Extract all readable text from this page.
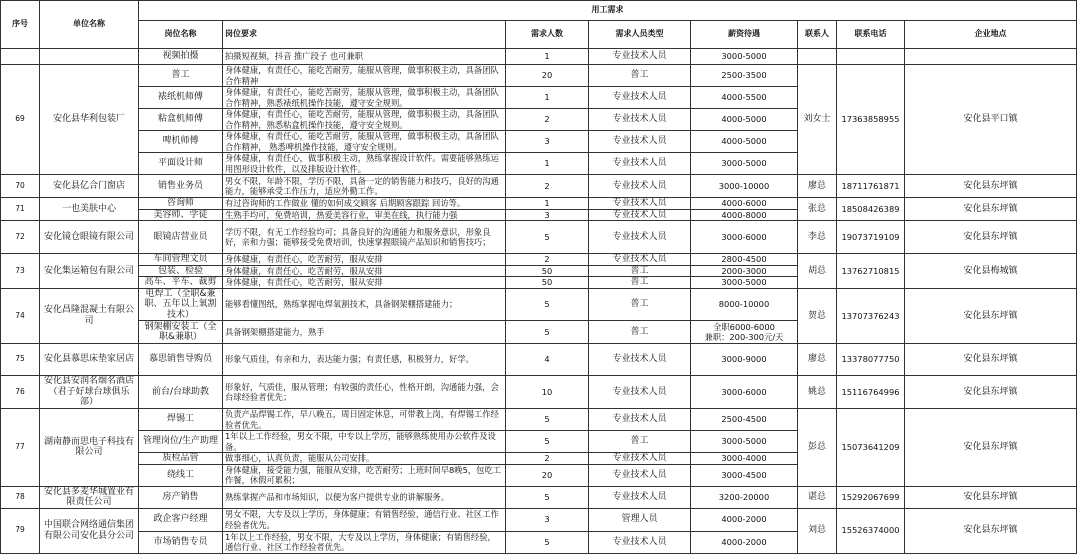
序号	单位名称	用工需求							
		岗位名称	岗位要求	需求人数	需求人员类型	薪资待遇	联系人	联系电话	企业地点
		视频拍摄	拍摄短视频，抖音 推广段子 也可兼职	1	专业技术人员	3000-5000			
69	安化县华利包装厂	普工	身体健康，有责任心，能吃苦耐劳，能服从管理，做事积极主动，具备团队合作精神	20	普工	2500-3500	刘女士	17363858955	安化县平口镇
		裱纸机师傅	身体健康，有责任心，能吃苦耐劳，能服从管理，做事积极主动，具备团队合作精神，熟悉裱纸机操作技能，遵守安全规则。	1	专业技术人员	4000-5500			
		粘盒机师傅	身体健康，有责任心，能吃苦耐劳，能服从管理，做事积极主动，具备团队合作精神，熟悉粘盒机操作技能，遵守安全规则。	2	专业技术人员	4000-5000			
		啤机师傅	身体健康，有责任心，能吃苦耐劳，能服从管理，做事积极主动，具备团队合作精神， 熟悉啤机操作技能，遵守安全规则。	3	专业技术人员	4000-5000			
		平面设计师	身体健康，有责任心，做事积极主动，熟练掌握设计软件。需要能够熟练运用图形设计软件，以及排版设计软件。	1	专业技术人员	3000-5000			
70	安化县亿合门窗店	销售业务员	男女不限，年龄不限，学历不限，具备一定的销售能力和技巧，良好的沟通能力，能够承受工作压力，适应外勤工作。	2	专业技术人员	3000-10000	廖总	18711761871	安化县东坪镇
71	一也美肤中心	咨询师	有过咨询师的工作做业 懂的如何成交顾客 后期顾客跟踪 回访等。	1	专业技术人员	4000-6000	张总	18508426389	安化县东坪镇
		美容师、学徒	生熟手均可，免费培训，热爱美容行业，审美在线，执行能力强	3	专业技术人员	4000-8000			
72	安化镜仓眼镜有限公司	眼镜店营业员	学历不限，有无工作经验均可；具备良好的沟通能力和服务意识，形象良好，亲和力强；能够接受免费培训，快速掌握眼镜产品知识和销售技巧；	5	专业技术人员	3000-6000	李总	19073719109	安化县东坪镇
73	安化集运箱包有限公司	车间管理文员	身体健康，有责任心，吃苦耐劳，服从安排	2	专业技术人员	2800-4500	胡总	13762710815	安化县梅城镇
		包装、检验	身体健康，有责任心，吃苦耐劳，服从安排	50	普工	2000-3000			
		高车、平车、裁剪	身体健康，有责任心，吃苦耐劳，服从安排	50	普工	3000-5000			
74	安化昌隆混凝土有限公司	电焊工（全职&兼职、五年以上氧割技术）	能够看懂图纸，熟练掌握电焊氧割技术，具备钢架棚搭建能力；	5	普工	8000-10000	贺总	13707376243	安化县东坪镇
		钢架棚安装工（全职&兼职）	具备钢架棚搭建能力，熟手	5	普工	全职6000-6000
兼职：200-300元/天			
75	安化县慕思床垫家居店	慕思销售导购员	形象气质佳，有亲和力，表达能力强；有责任感，积极努力，好学。	4	专业技术人员	3000-9000	廖总	13378077750	安化县东坪镇
76	安化县安润名烟名酒店（君子好球台球俱乐部）	前台/台球助教	形象好，气质佳，服从管理；有较强的责任心，性格开朗，沟通能力强，会台球经验者优先；	10	专业技术人员	3000-6000	姚总	15116764996	安化县东坪镇
77	湖南静而思电子科技有限公司	焊锡工	负责产品焊锡工作，早八晚五，周日固定休息，可带教上岗，有焊锡工作经验者优先。	5	专业技术人员	2500-4500	彭总	15073641209	安化县东坪镇
		管理岗位/生产助理	1年以上工作经验，男女不限，中专以上学历，能够熟练使用办公软件及设备。	5	普工	3000-5000			
		质检品管	做事细心，认真负责，能服从公司安排。	2	专业技术人员	3000-4000			
		绕线工	身体健康，接受能力强，能服从安排，吃苦耐劳；上班时间早8晚5，包吃工作餐，休假可累积；	20	专业技术人员	3000-4500			
78	安化县多麦华城置业有限责任公司	房产销售	熟练掌握产品和市场知识，以便为客户提供专业的讲解服务。	5	专业技术人员	3200-20000	谌总	15292067699	安化县东坪镇
79	中国联合网络通信集团有限公司安化县分公司	政企客户经理	男女不限，大专及以上学历，身体健康；有销售经验，通信行业、社区工作经验者优先。	3	管理人员	4000-2000	刘总	15526374000	安化县东坪镇
		市场销售专员	1年以上工作经验，男女不限，大专及以上学历，身体健康；有销售经验，通信行业、社区工作经验者优先。	5	专业技术人员	4000-2000			
